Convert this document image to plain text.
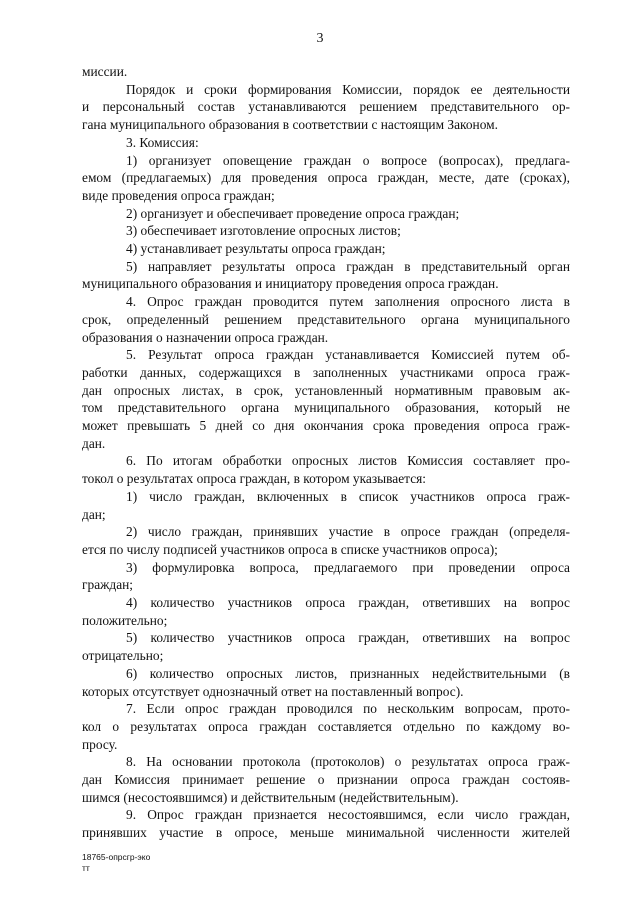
3
миссии.
Порядок и сроки формирования Комиссии, порядок ее деятельности
и персональный состав устанавливаются решением представительного ор-
гана муниципального образования в соответствии с настоящим Законом.
3. Комиссия:
1) организует оповещение граждан о вопросе (вопросах), предлага-
емом (предлагаемых) для проведения опроса граждан, месте, дате (сроках),
виде проведения опроса граждан;
2) организует и обеспечивает проведение опроса граждан;
3) обеспечивает изготовление опросных листов;
4) устанавливает результаты опроса граждан;
5) направляет результаты опроса граждан в представительный орган
муниципального образования и инициатору проведения опроса граждан.
4. Опрос граждан проводится путем заполнения опросного листа в
срок, определенный решением представительного органа муниципального
образования о назначении опроса граждан.
5. Результат опроса граждан устанавливается Комиссией путем об-
работки данных, содержащихся в заполненных участниками опроса граж-
дан опросных листах, в срок, установленный нормативным правовым ак-
том представительного органа муниципального образования, который не
может превышать 5 дней со дня окончания срока проведения опроса граж-
дан.
6. По итогам обработки опросных листов Комиссия составляет про-
токол о результатах опроса граждан, в котором указывается:
1) число граждан, включенных в список участников опроса граж-
дан;
2) число граждан, принявших участие в опросе граждан (определя-
ется по числу подписей участников опроса в списке участников опроса);
3) формулировка вопроса, предлагаемого при проведении опроса
граждан;
4) количество участников опроса граждан, ответивших на вопрос
положительно;
5) количество участников опроса граждан, ответивших на вопрос
отрицательно;
6) количество опросных листов, признанных недействительными (в
которых отсутствует однозначный ответ на поставленный вопрос).
7. Если опрос граждан проводился по нескольким вопросам, прото-
кол о результатах опроса граждан составляется отдельно по каждому во-
просу.
8. На основании протокола (протоколов) о результатах опроса граж-
дан Комиссия принимает решение о признании опроса граждан состояв-
шимся (несостоявшимся) и действительным (недействительным).
9. Опрос граждан признается несостоявшимся, если число граждан,
принявших участие в опросе, меньше минимальной численности жителей
18765-опрсгр-эко
тт
